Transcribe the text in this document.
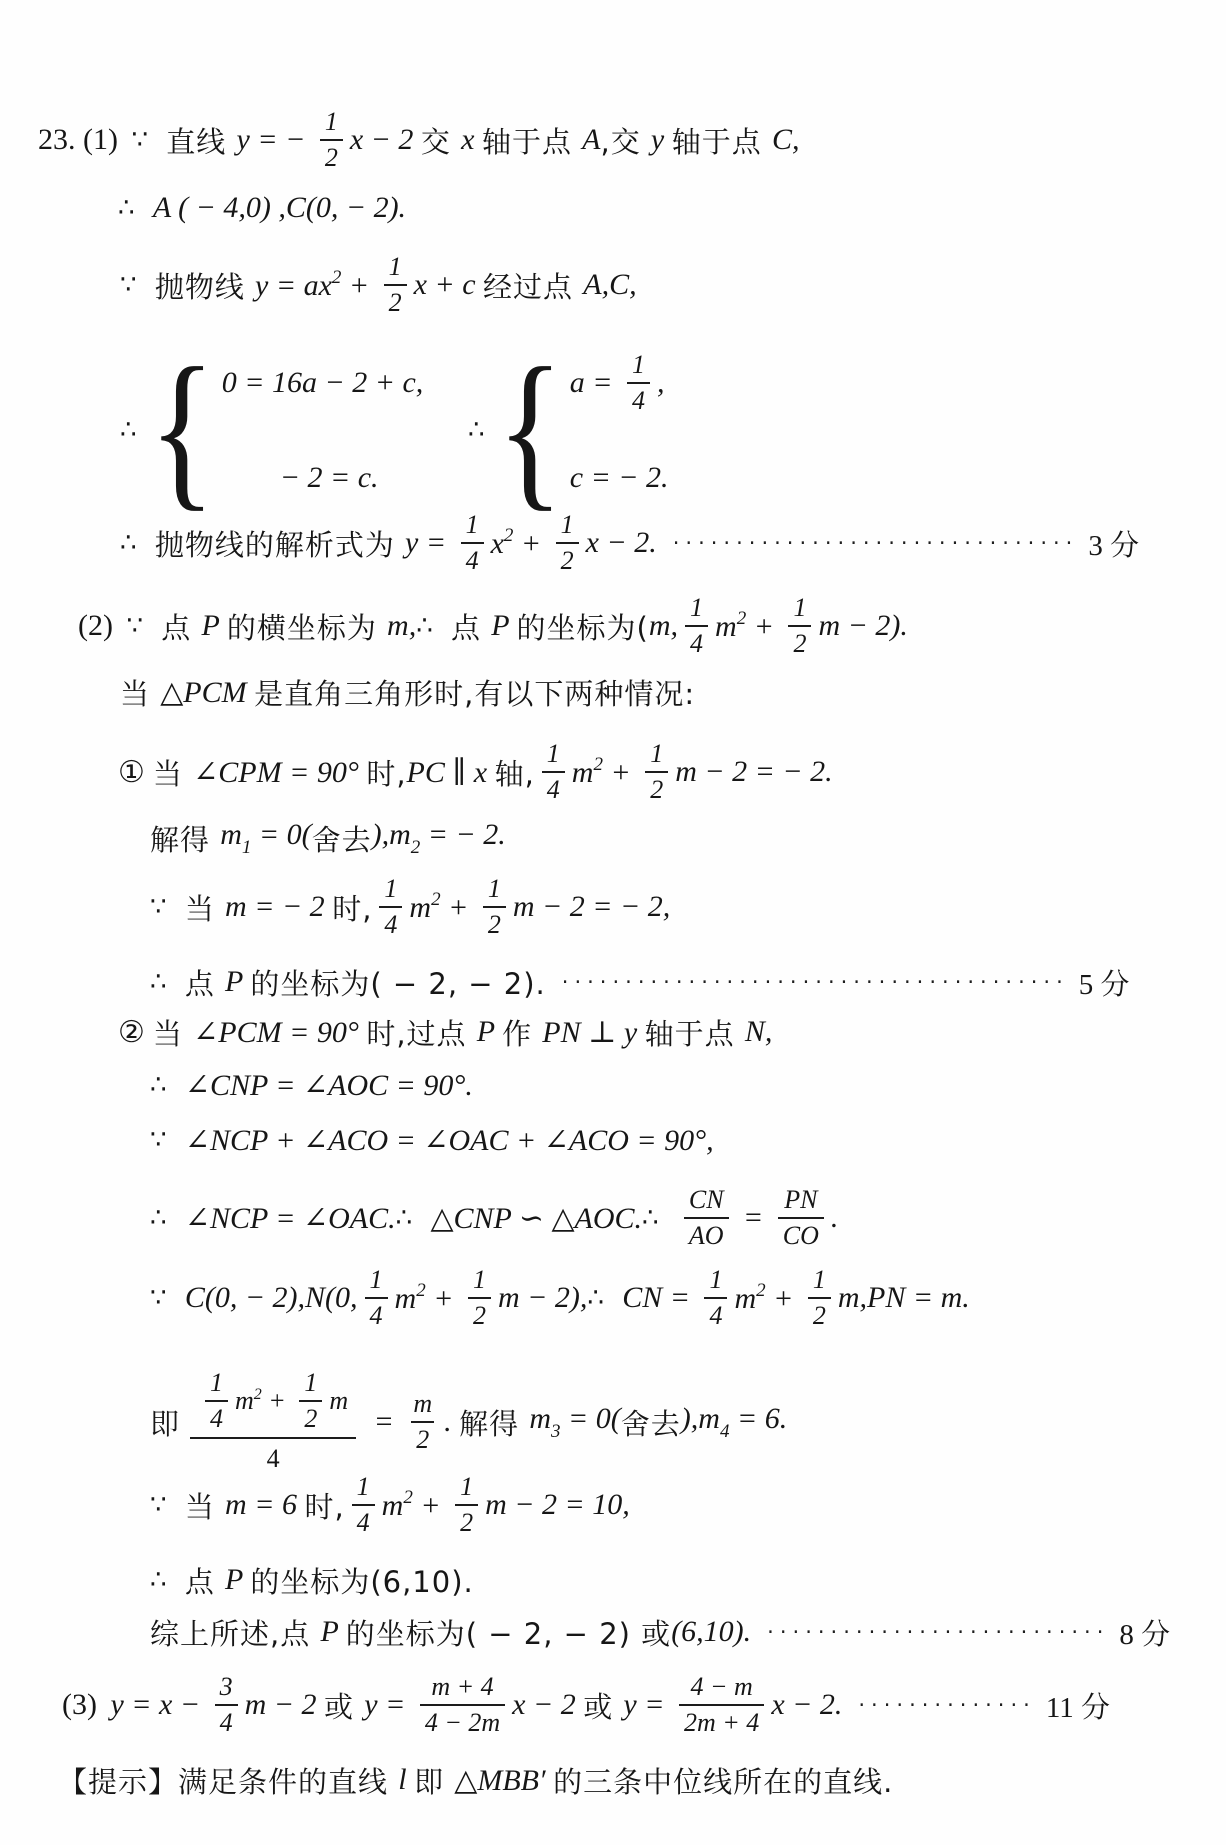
23. (1) ∵ 直线 y = − $\frac{1}{2}$ x − 2 交 x 轴于点 A ,交 y 轴于点 C,
∴ A ( − 4,0) ,C(0, − 2).
∵ 抛物线 $y = ax^2 + \frac{1}{2}$ x + c 经过点 A,C,
∴ { 0 = 16a − 2 + c,
− 2 = c.
∴ { $a = \frac{1}{4}$ ,
c = − 2.
∴ 抛物线的解析式为 $y = \frac{1}{4} x^2 + \frac{1}{2}$ x − 2. ································ 3 分
(2) ∵ 点 P 的横坐标为 m, ∴ 点 P 的坐标为( m, $\frac{1}{4} m^2 + \frac{1}{2}$ m − 2).
当 △PCM 是直角三角形时,有以下两种情况:
① 当 ∠CPM = 90° 时, PC ∥ x 轴, $\frac{1}{4} m^2 + \frac{1}{2}$ m − 2 = − 2.
解得 $m_1 = 0$( 舍去 )$,m_2$ = − 2.
∵ 当 m = − 2 时, $\frac{1}{4} m^2 + \frac{1}{2}$ m − 2 = − 2,
∴ 点 P 的坐标为( − 2, − 2). ········································ 5 分
② 当 ∠PCM = 90° 时,过点 P 作 PN ⊥ y 轴于点 N,
∴ ∠CNP = ∠AOC = 90°.
∵ ∠NCP + ∠ACO = ∠OAC + ∠ACO = 90°,
∴ ∠NCP = ∠OAC. ∴ △CNP ∽ △AOC. ∴ $\frac{CN}{AO} = \frac{PN}{CO}$ .
∵ C(0, − 2),N(0, $\frac{1}{4} m^2 + \frac{1}{2}$ m − 2), ∴ CN = $\frac{1}{4} m^2 + \frac{1}{2} m,PN = m$.
即 $\frac{\frac{1}{4} m^2 + \frac{1}{2} m}{4} = \frac{m}{2}$ . 解得 $m_3 = 0$( 舍去 )$,m_4 = 6$.
∵ 当 m = 6 时, $\frac{1}{4} m^2 + \frac{1}{2}$ m − 2 = 10,
∴ 点 P 的坐标为(6,10).
综上所述,点 P 的坐标为( − 2, − 2) 或 (6,10). ··························· 8 分
(3) $y = x - \frac{3}{4}$ m − 2 或 $y = \frac{m + 4}{4 - 2m}$ x − 2 或 $y = \frac{4 - m}{2m + 4}$ x − 2. ·············· 11 分
【提示】满足条件的直线 l 即 △MBB′ 的三条中位线所在的直线.
